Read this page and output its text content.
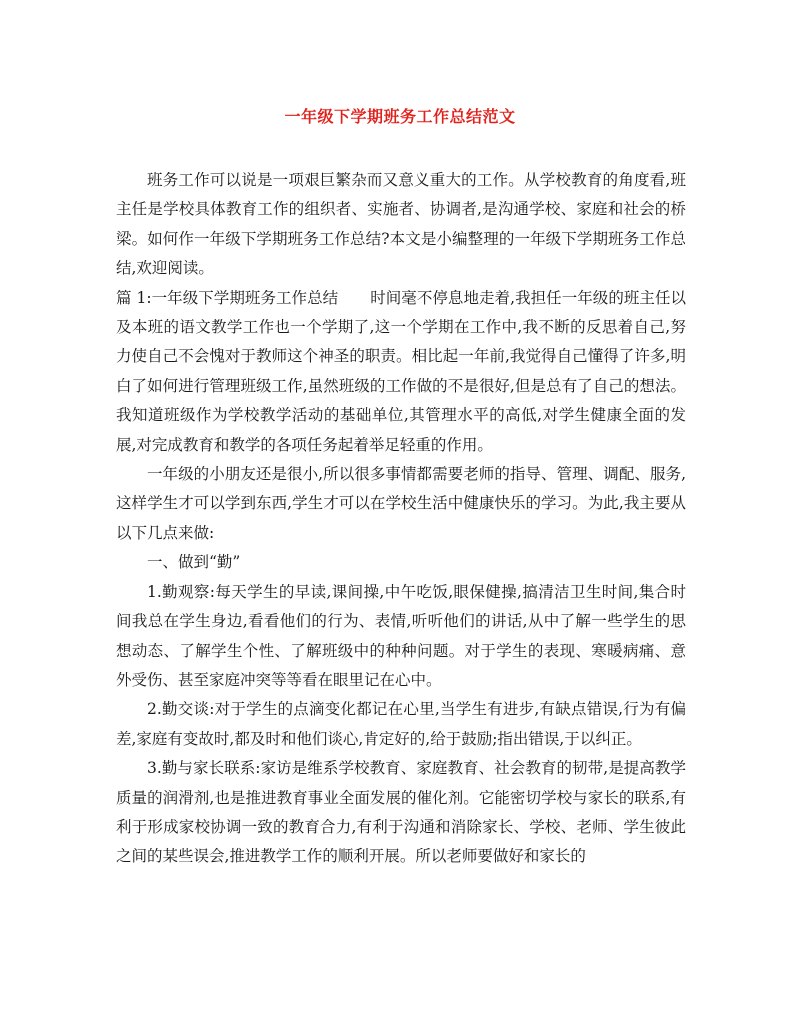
一年级下学期班务工作总结范文

班务工作可以说是一项艰巨繁杂而又意义重大的工作。从学校教育的角度看,班主任是学校具体教育工作的组织者、实施者、协调者,是沟通学校、家庭和社会的桥梁。如何作一年级下学期班务工作总结?本文是小编整理的一年级下学期班务工作总结,欢迎阅读。

篇 1:一年级下学期班务工作总结 时间毫不停息地走着,我担任一年级的班主任以及本班的语文教学工作也一个学期了,这一个学期在工作中,我不断的反思着自己,努力使自己不会愧对于教师这个神圣的职责。相比起一年前,我觉得自己懂得了许多,明白了如何进行管理班级工作,虽然班级的工作做的不是很好,但是总有了自己的想法。我知道班级作为学校教学活动的基础单位,其管理水平的高低,对学生健康全面的发展,对完成教育和教学的各项任务起着举足轻重的作用。

一年级的小朋友还是很小,所以很多事情都需要老师的指导、管理、调配、服务,这样学生才可以学到东西,学生才可以在学校生活中健康快乐的学习。为此,我主要从以下几点来做:

一、做到“勤”

1.勤观察:每天学生的早读,课间操,中午吃饭,眼保健操,搞清洁卫生时间,集合时间我总在学生身边,看看他们的行为、表情,听听他们的讲话,从中了解一些学生的思想动态、了解学生个性、了解班级中的种种问题。对于学生的表现、寒暖病痛、意外受伤、甚至家庭冲突等等看在眼里记在心中。

2.勤交谈:对于学生的点滴变化都记在心里,当学生有进步,有缺点错误,行为有偏差,家庭有变故时,都及时和他们谈心,肯定好的,给于鼓励;指出错误,于以纠正。

3.勤与家长联系:家访是维系学校教育、家庭教育、社会教育的韧带,是提高教学质量的润滑剂,也是推进教育事业全面发展的催化剂。它能密切学校与家长的联系,有利于形成家校协调一致的教育合力,有利于沟通和消除家长、学校、老师、学生彼此之间的某些误会,推进教学工作的顺利开展。所以老师要做好和家长的
